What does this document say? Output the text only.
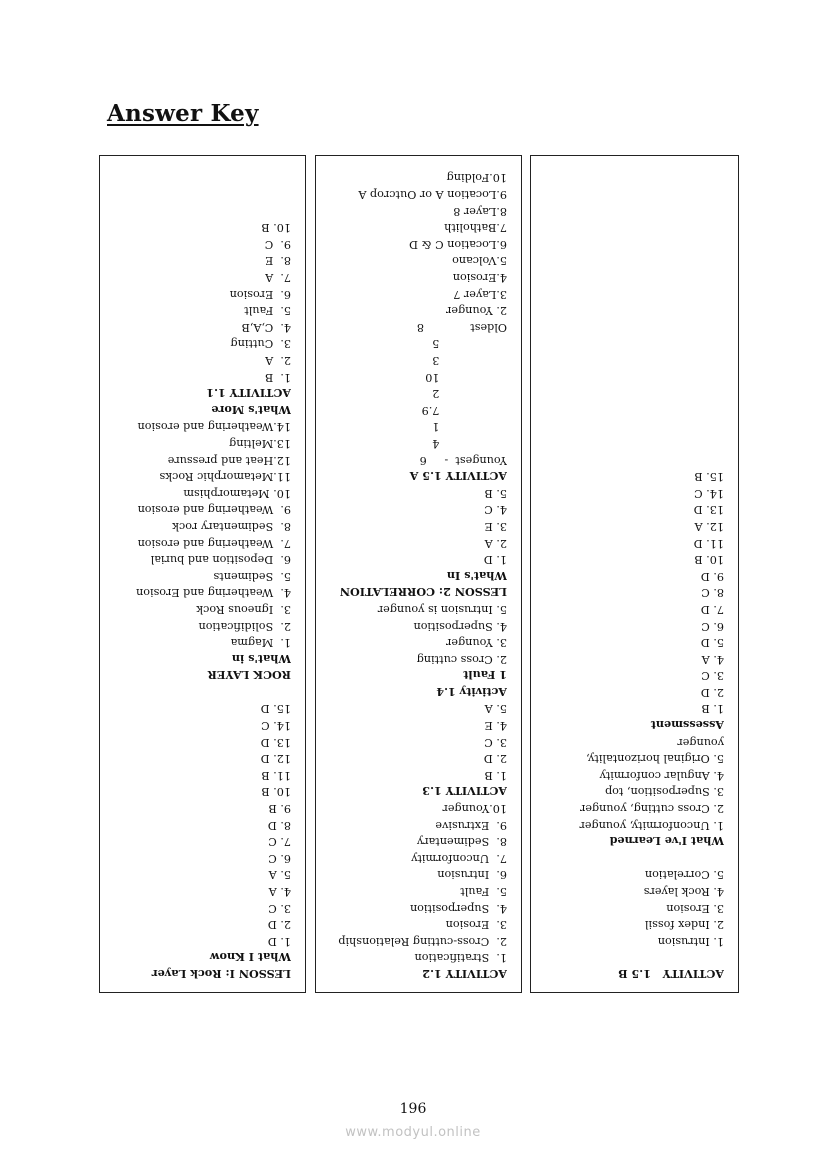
Answer Key
LESSON I: Rock Layer
What I Know
1. D
2. D
3. C
4. A
5. A
6. C
7. C
8. D
9. B
10. B
11. B
12. D
13. D
14. C
15. D
ROCK LAYER
What's in
1.  Magma
2.  Solidification
3.  Igneous Rock
4.  Weathering and Erosion
5.  Sediments
6.  Deposition and burial
7.  Weathering and erosion
8.  Sedimentary rock
9.  Weathering and erosion
10. Metamorphism
11.Metamorphic Rocks
12.Heat and pressure
13.Melting
14.Weathering and erosion
What's More
ACTIVITY 1.1
1.  B
2.  A
3.  Cutting
4.  C,A,B
5.  Fault
6.  Erosion
7.  A
8.  E
9.  C
10. B
ACTIVITY 1.2
1.  Stratification
2.  Cross-cutting Relationship
3.  Erosion
4.  Superposition
5.  Fault
6.  Intrusion
7.  Unconformity
8.  Sedimentary
9.  Extrusive
10.Younger
ACTIVITY 1.3
1. B
2. D
3. C
4. E
5. A
Activity 1.4
1 Fault
2. Cross cutting
3. Younger
4. Superposition
5. Intrusion is younger
LESSON 2: CORRELATION
What's In
1. D
2. A
3. E
4. C
5. B
ACTIVITY 1.5 A
Youngest  -     6
4
1
7.9
2
10
3
5
Oldest             8
2. Younger
3.Layer 7
4.Erosion
5.Volcano
6.Location C & D
7.Batholith
8.Layer 8
9.Location A or Outcrop A
10.Folding
ACTIVITY   1.5 B
1. Intrusion
2. Index fossil
3. Erosion
4. Rock layers
5. Correlation
What I've Learned
1. Unconformity, younger
2. Cross cutting, younger
3. Superposition, top
4. Angular conformity
5. Original horizontality,
younger
Assessment
1. B
2. D
3. C
4. A
5. D
6. C
7. D
8. C
9. D
10. B
11. D
12. A
13. D
14. C
15. B
196
www.modyul.online
